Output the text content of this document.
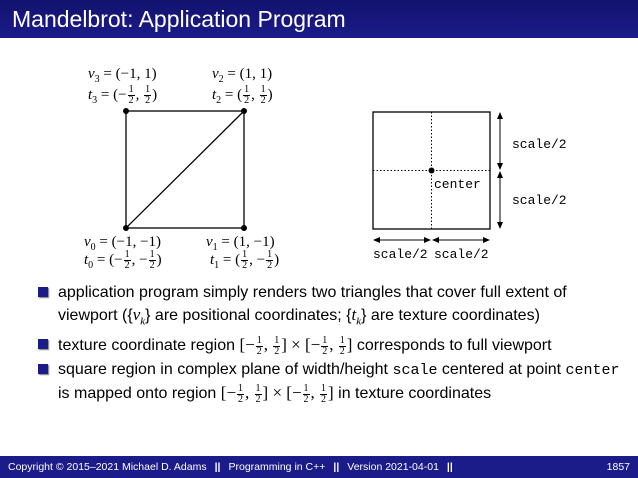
Mandelbrot: Application Program
$v_3 = (-1$, 1)
$t_3$ = (− $\frac{1}{2}$ , $\frac{1}{2}$ )
$v_2 = (1$, 1)
$t_2$ = ( $\frac{1}{2}$ , $\frac{1}{2}$ )
$v_0 = (-1$, −1)
$t_0$ = (− $\frac{1}{2}$ , − $\frac{1}{2}$ )
$v_1 = (1$, −1)
$t_1$ = ( $\frac{1}{2}$ , − $\frac{1}{2}$ )
center
scale/2
scale/2
scale/2 scale/2
application program simply renders two triangles that cover full extent of viewport ($\{v_k\}$ are positional coordinates; $\{t_k\}$ are texture coordinates)
texture coordinate region [− $\frac{1}{2}$ , $\frac{1}{2}$ ] × [− $\frac{1}{2}$ , $\frac{1}{2}$ ] corresponds to full viewport
square region in complex plane of width/height scale centered at point center is mapped onto region [− $\frac{1}{2}$ , $\frac{1}{2}$ ] × [− $\frac{1}{2}$ , $\frac{1}{2}$ ] in texture coordinates
Copyright © 2015–2021 Michael D. Adams || Programming in C++ || Version 2021-04-01 ||	1857
